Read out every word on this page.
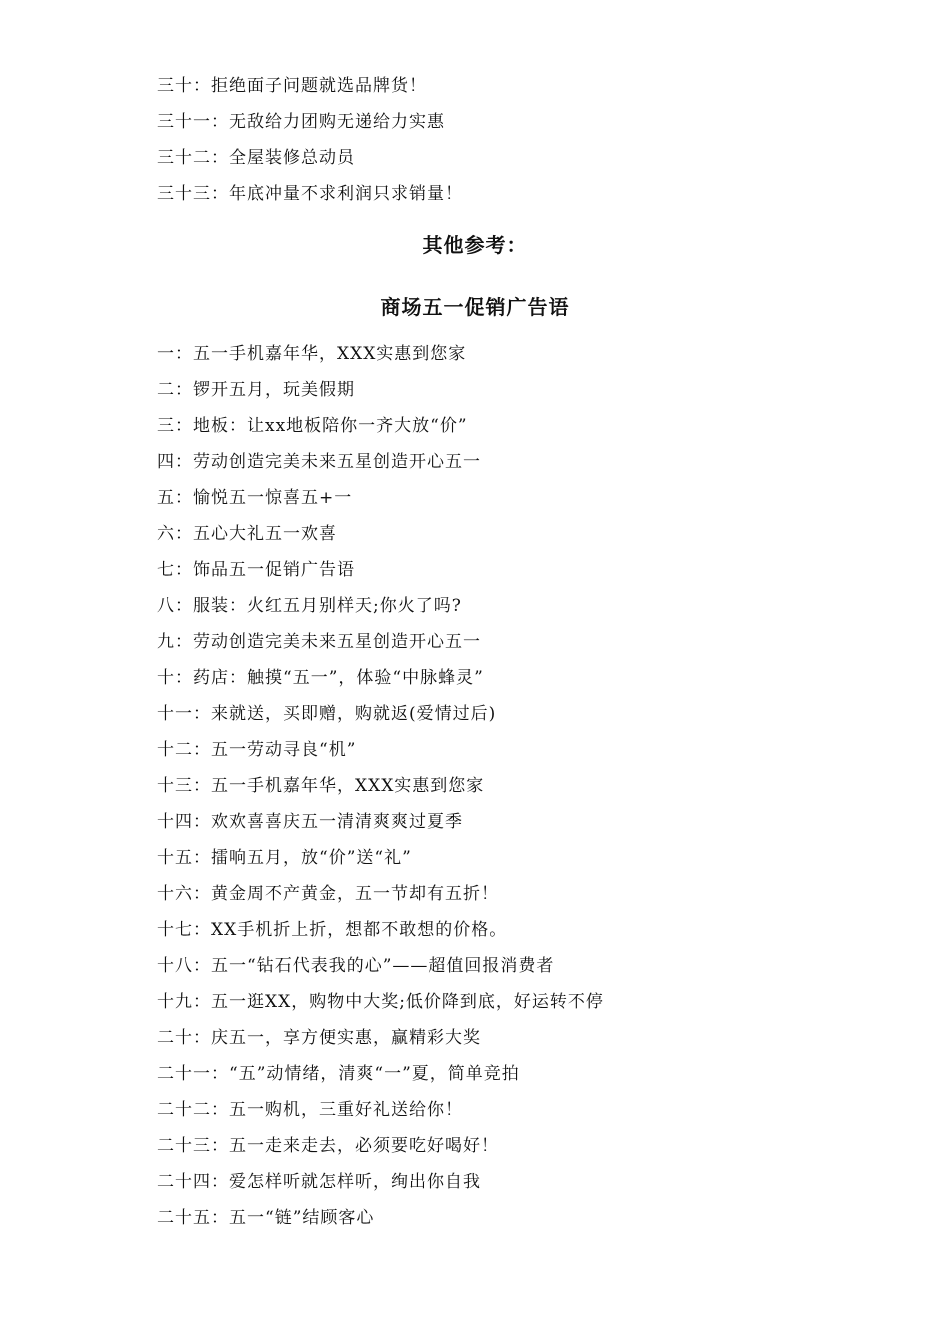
三十：拒绝面子问题就选品牌货！
三十一：无敌给力团购无递给力实惠
三十二：全屋装修总动员
三十三：年底冲量不求利润只求销量！
其他参考：
商场五一促销广告语
一：五一手机嘉年华，XXX实惠到您家
二：锣开五月，玩美假期
三：地板：让xx地板陪你一齐大放“价”
四：劳动创造完美未来五星创造开心五一
五：愉悦五一惊喜五+一
六：五心大礼五一欢喜
七：饰品五一促销广告语
八：服装：火红五月别样天;你火了吗?
九：劳动创造完美未来五星创造开心五一
十：药店：触摸“五一”，体验“中脉蜂灵”
十一：来就送，买即赠，购就返(爱情过后)
十二：五一劳动寻良“机”
十三：五一手机嘉年华，XXX实惠到您家
十四：欢欢喜喜庆五一清清爽爽过夏季
十五：擂响五月，放“价”送“礼”
十六：黄金周不产黄金，五一节却有五折！
十七：XX手机折上折，想都不敢想的价格。
十八：五一“钻石代表我的心”——超值回报消费者
十九：五一逛XX，购物中大奖;低价降到底，好运转不停
二十：庆五一，享方便实惠，赢精彩大奖
二十一：“五”动情绪，清爽“一”夏，简单竞拍
二十二：五一购机，三重好礼送给你！
二十三：五一走来走去，必须要吃好喝好！
二十四：爱怎样听就怎样听，绚出你自我
二十五：五一“链”结顾客心
